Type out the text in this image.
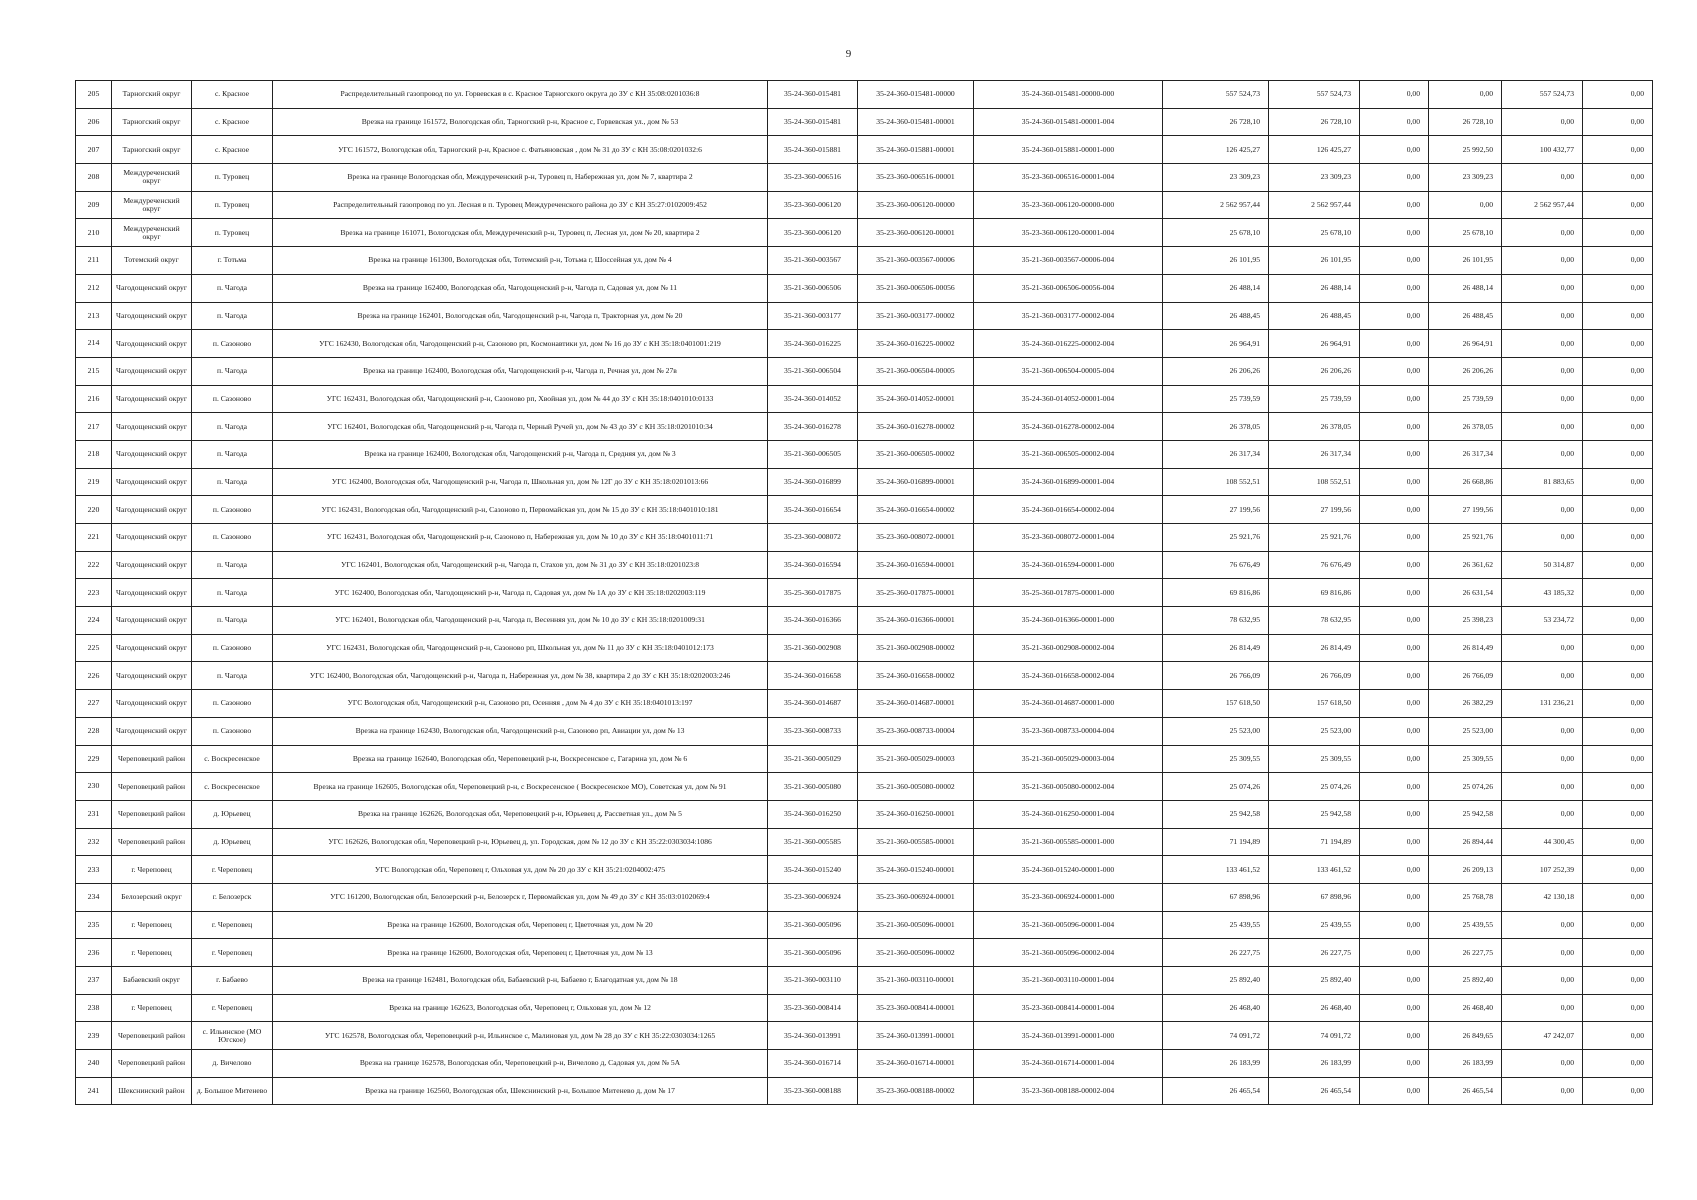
9
205	Тарногский округ	с. Красное	Распределительный газопровод по ул. Горвевская в с. Красное Тарногского округа до ЗУ с КН 35:08:0201036:8	35-24-360-015481	35-24-360-015481-00000	35-24-360-015481-00000-000	557 524,73	557 524,73	0,00	0,00	557 524,73	0,00
206	Тарногский округ	с. Красное	Врезка на границе 161572, Вологодская обл, Тарногский р-н, Красное с, Горвевская ул., дом № 53	35-24-360-015481	35-24-360-015481-00001	35-24-360-015481-00001-004	26 728,10	26 728,10	0,00	26 728,10	0,00	0,00
207	Тарногский округ	с. Красное	УГС 161572, Вологодская обл, Тарногский р-н, Красное с. Фатьяновская , дом № 31 до ЗУ с КН 35:08:0201032:6	35-24-360-015881	35-24-360-015881-00001	35-24-360-015881-00001-000	126 425,27	126 425,27	0,00	25 992,50	100 432,77	0,00
208	Междуреченский округ	п. Туровец	Врезка на границе Вологодская обл, Междуреченский р-н, Туровец п, Набережная ул, дом № 7, квартира 2	35-23-360-006516	35-23-360-006516-00001	35-23-360-006516-00001-004	23 309,23	23 309,23	0,00	23 309,23	0,00	0,00
209	Междуреченский округ	п. Туровец	Распределительный газопровод по ул. Лесная в п. Туровец Междуреченского района до ЗУ с КН 35:27:0102009:452	35-23-360-006120	35-23-360-006120-00000	35-23-360-006120-00000-000	2 562 957,44	2 562 957,44	0,00	0,00	2 562 957,44	0,00
210	Междуреченский округ	п. Туровец	Врезка на границе 161071, Вологодская обл, Междуреченский р-н, Туровец п, Лесная ул, дом № 20, квартира 2	35-23-360-006120	35-23-360-006120-00001	35-23-360-006120-00001-004	25 678,10	25 678,10	0,00	25 678,10	0,00	0,00
211	Тотемский округ	г. Тотьма	Врезка на границе 161300, Вологодская обл, Тотемский р-н, Тотьма г, Шоссейная ул, дом № 4	35-21-360-003567	35-21-360-003567-00006	35-21-360-003567-00006-004	26 101,95	26 101,95	0,00	26 101,95	0,00	0,00
212	Чагодощенский округ	п. Чагода	Врезка на границе 162400, Вологодская обл, Чагодощенский р-н, Чагода п, Садовая ул, дом № 11	35-21-360-006506	35-21-360-006506-00056	35-21-360-006506-00056-004	26 488,14	26 488,14	0,00	26 488,14	0,00	0,00
213	Чагодощенский округ	п. Чагода	Врезка на границе 162401, Вологодская обл, Чагодощенский р-н, Чагода п, Тракторная ул, дом № 20	35-21-360-003177	35-21-360-003177-00002	35-21-360-003177-00002-004	26 488,45	26 488,45	0,00	26 488,45	0,00	0,00
214	Чагодощенский округ	п. Сазоново	УГС 162430, Вологодская обл, Чагодощенский р-н, Сазоново рп, Космонавтики ул, дом № 16 до ЗУ с КН 35:18:0401001:219	35-24-360-016225	35-24-360-016225-00002	35-24-360-016225-00002-004	26 964,91	26 964,91	0,00	26 964,91	0,00	0,00
215	Чагодощенский округ	п. Чагода	Врезка на границе 162400, Вологодская обл, Чагодощенский р-н, Чагода п, Речная ул, дом № 27в	35-21-360-006504	35-21-360-006504-00005	35-21-360-006504-00005-004	26 206,26	26 206,26	0,00	26 206,26	0,00	0,00
216	Чагодощенский округ	п. Сазоново	УГС 162431, Вологодская обл, Чагодощенский р-н, Сазоново рп, Хвойная ул, дом № 44 до ЗУ с КН 35:18:0401010:0133	35-24-360-014052	35-24-360-014052-00001	35-24-360-014052-00001-004	25 739,59	25 739,59	0,00	25 739,59	0,00	0,00
217	Чагодощенский округ	п. Чагода	УГС 162401, Вологодская обл, Чагодощенский р-н, Чагода п, Черный Ручей ул, дом № 43 до ЗУ с КН 35:18:0201010:34	35-24-360-016278	35-24-360-016278-00002	35-24-360-016278-00002-004	26 378,05	26 378,05	0,00	26 378,05	0,00	0,00
218	Чагодощенский округ	п. Чагода	Врезка на границе 162400, Вологодская обл, Чагодощенский р-н, Чагода п, Средняя ул, дом № 3	35-21-360-006505	35-21-360-006505-00002	35-21-360-006505-00002-004	26 317,34	26 317,34	0,00	26 317,34	0,00	0,00
219	Чагодощенский округ	п. Чагода	УГС 162400, Вологодская обл, Чагодощенский р-н, Чагода п, Школьная ул, дом № 12Г до ЗУ с КН 35:18:0201013:66	35-24-360-016899	35-24-360-016899-00001	35-24-360-016899-00001-004	108 552,51	108 552,51	0,00	26 668,86	81 883,65	0,00
220	Чагодощенский округ	п. Сазоново	УГС 162431, Вологодская обл, Чагодощенский р-н, Сазоново п, Первомайская ул, дом № 15 до ЗУ с КН 35:18:0401010:181	35-24-360-016654	35-24-360-016654-00002	35-24-360-016654-00002-004	27 199,56	27 199,56	0,00	27 199,56	0,00	0,00
221	Чагодощенский округ	п. Сазоново	УГС 162431, Вологодская обл, Чагодощенский р-н, Сазоново п, Набережная ул, дом № 10 до ЗУ с КН 35:18:0401011:71	35-23-360-008072	35-23-360-008072-00001	35-23-360-008072-00001-004	25 921,76	25 921,76	0,00	25 921,76	0,00	0,00
222	Чагодощенский округ	п. Чагода	УГС 162401, Вологодская обл, Чагодощенский р-н, Чагода п, Стахов ул, дом № 31 до ЗУ с КН 35:18:0201023:8	35-24-360-016594	35-24-360-016594-00001	35-24-360-016594-00001-000	76 676,49	76 676,49	0,00	26 361,62	50 314,87	0,00
223	Чагодощенский округ	п. Чагода	УГС 162400, Вологодская обл, Чагодощенский р-н, Чагода п, Садовая ул, дом № 1А до ЗУ с КН 35:18:0202003:119	35-25-360-017875	35-25-360-017875-00001	35-25-360-017875-00001-000	69 816,86	69 816,86	0,00	26 631,54	43 185,32	0,00
224	Чагодощенский округ	п. Чагода	УГС 162401, Вологодская обл, Чагодощенский р-н, Чагода п, Весенняя ул, дом № 10 до ЗУ с КН 35:18:0201009:31	35-24-360-016366	35-24-360-016366-00001	35-24-360-016366-00001-000	78 632,95	78 632,95	0,00	25 398,23	53 234,72	0,00
225	Чагодощенский округ	п. Сазоново	УГС 162431, Вологодская обл, Чагодощенский р-н, Сазоново рп, Школьная ул, дом № 11 до ЗУ с КН 35:18:0401012:173	35-21-360-002908	35-21-360-002908-00002	35-21-360-002908-00002-004	26 814,49	26 814,49	0,00	26 814,49	0,00	0,00
226	Чагодощенский округ	п. Чагода	УГС 162400, Вологодская обл, Чагодощенский р-н, Чагода п, Набережная ул, дом № 38, квартира 2 до ЗУ с КН 35:18:0202003:246	35-24-360-016658	35-24-360-016658-00002	35-24-360-016658-00002-004	26 766,09	26 766,09	0,00	26 766,09	0,00	0,00
227	Чагодощенский округ	п. Сазоново	УГС Вологодская обл, Чагодощенский р-н, Сазоново рп, Осенняя , дом № 4 до ЗУ с КН 35:18:0401013:197	35-24-360-014687	35-24-360-014687-00001	35-24-360-014687-00001-000	157 618,50	157 618,50	0,00	26 382,29	131 236,21	0,00
228	Чагодощенский округ	п. Сазоново	Врезка на границе 162430, Вологодская обл, Чагодощенский р-н, Сазоново рп, Авиации ул, дом № 13	35-23-360-008733	35-23-360-008733-00004	35-23-360-008733-00004-004	25 523,00	25 523,00	0,00	25 523,00	0,00	0,00
229	Череповецкий район	с. Воскресенское	Врезка на границе 162640, Вологодская обл, Череповецкий р-н, Воскресенское с, Гагарина ул, дом № 6	35-21-360-005029	35-21-360-005029-00003	35-21-360-005029-00003-004	25 309,55	25 309,55	0,00	25 309,55	0,00	0,00
230	Череповецкий район	с. Воскресенское	Врезка на границе 162605, Вологодская обл, Череповецкий р-н, с Воскресенское ( Воскресенское МО), Советская ул, дом № 91	35-21-360-005080	35-21-360-005080-00002	35-21-360-005080-00002-004	25 074,26	25 074,26	0,00	25 074,26	0,00	0,00
231	Череповецкий район	д. Юрьевец	Врезка на границе 162626, Вологодская обл, Череповецкий р-н, Юрьевец д, Рассветная ул., дом № 5	35-24-360-016250	35-24-360-016250-00001	35-24-360-016250-00001-004	25 942,58	25 942,58	0,00	25 942,58	0,00	0,00
232	Череповецкий район	д. Юрьевец	УГС 162626, Вологодская обл, Череповецкий р-н, Юрьевец д, ул. Городская, дом № 12 до ЗУ с КН 35:22:0303034:1086	35-21-360-005585	35-21-360-005585-00001	35-21-360-005585-00001-000	71 194,89	71 194,89	0,00	26 894,44	44 300,45	0,00
233	г. Череповец	г. Череповец	УГС Вологодская обл, Череповец г, Ольховая ул, дом № 20 до ЗУ с КН 35:21:0204002:475	35-24-360-015240	35-24-360-015240-00001	35-24-360-015240-00001-000	133 461,52	133 461,52	0,00	26 209,13	107 252,39	0,00
234	Белозерский округ	г. Белозерск	УГС 161200, Вологодская обл, Белозерский р-н, Белозерск г, Первомайская ул, дом № 49 до ЗУ с КН 35:03:0102069:4	35-23-360-006924	35-23-360-006924-00001	35-23-360-006924-00001-000	67 898,96	67 898,96	0,00	25 768,78	42 130,18	0,00
235	г. Череповец	г. Череповец	Врезка на границе 162600, Вологодская обл, Череповец г, Цветочная ул, дом № 20	35-21-360-005096	35-21-360-005096-00001	35-21-360-005096-00001-004	25 439,55	25 439,55	0,00	25 439,55	0,00	0,00
236	г. Череповец	г. Череповец	Врезка на границе 162600, Вологодская обл, Череповец г, Цветочная ул, дом № 13	35-21-360-005096	35-21-360-005096-00002	35-21-360-005096-00002-004	26 227,75	26 227,75	0,00	26 227,75	0,00	0,00
237	Бабаевский округ	г. Бабаево	Врезка на границе 162481, Вологодская обл, Бабаевский р-н, Бабаево г, Благодатная ул, дом № 18	35-21-360-003110	35-21-360-003110-00001	35-21-360-003110-00001-004	25 892,40	25 892,40	0,00	25 892,40	0,00	0,00
238	г. Череповец	г. Череповец	Врезка на границе 162623, Вологодская обл, Череповец г, Ольховая ул, дом № 12	35-23-360-008414	35-23-360-008414-00001	35-23-360-008414-00001-004	26 468,40	26 468,40	0,00	26 468,40	0,00	0,00
239	Череповецкий район	с. Ильинское (МО Югское)	УГС 162578, Вологодская обл, Череповецкий р-н, Ильинское с, Малиновая ул, дом № 28 до ЗУ с КН 35:22:0303034:1265	35-24-360-013991	35-24-360-013991-00001	35-24-360-013991-00001-000	74 091,72	74 091,72	0,00	26 849,65	47 242,07	0,00
240	Череповецкий район	д. Вичелово	Врезка на границе 162578, Вологодская обл, Череповецкий р-н, Вичелово д, Садовая ул, дом № 5А	35-24-360-016714	35-24-360-016714-00001	35-24-360-016714-00001-004	26 183,99	26 183,99	0,00	26 183,99	0,00	0,00
241	Шекснинский район	д. Большое Митенево	Врезка на границе 162560, Вологодская обл, Шекснинский р-н, Большое Митенево д, дом № 17	35-23-360-008188	35-23-360-008188-00002	35-23-360-008188-00002-004	26 465,54	26 465,54	0,00	26 465,54	0,00	0,00
